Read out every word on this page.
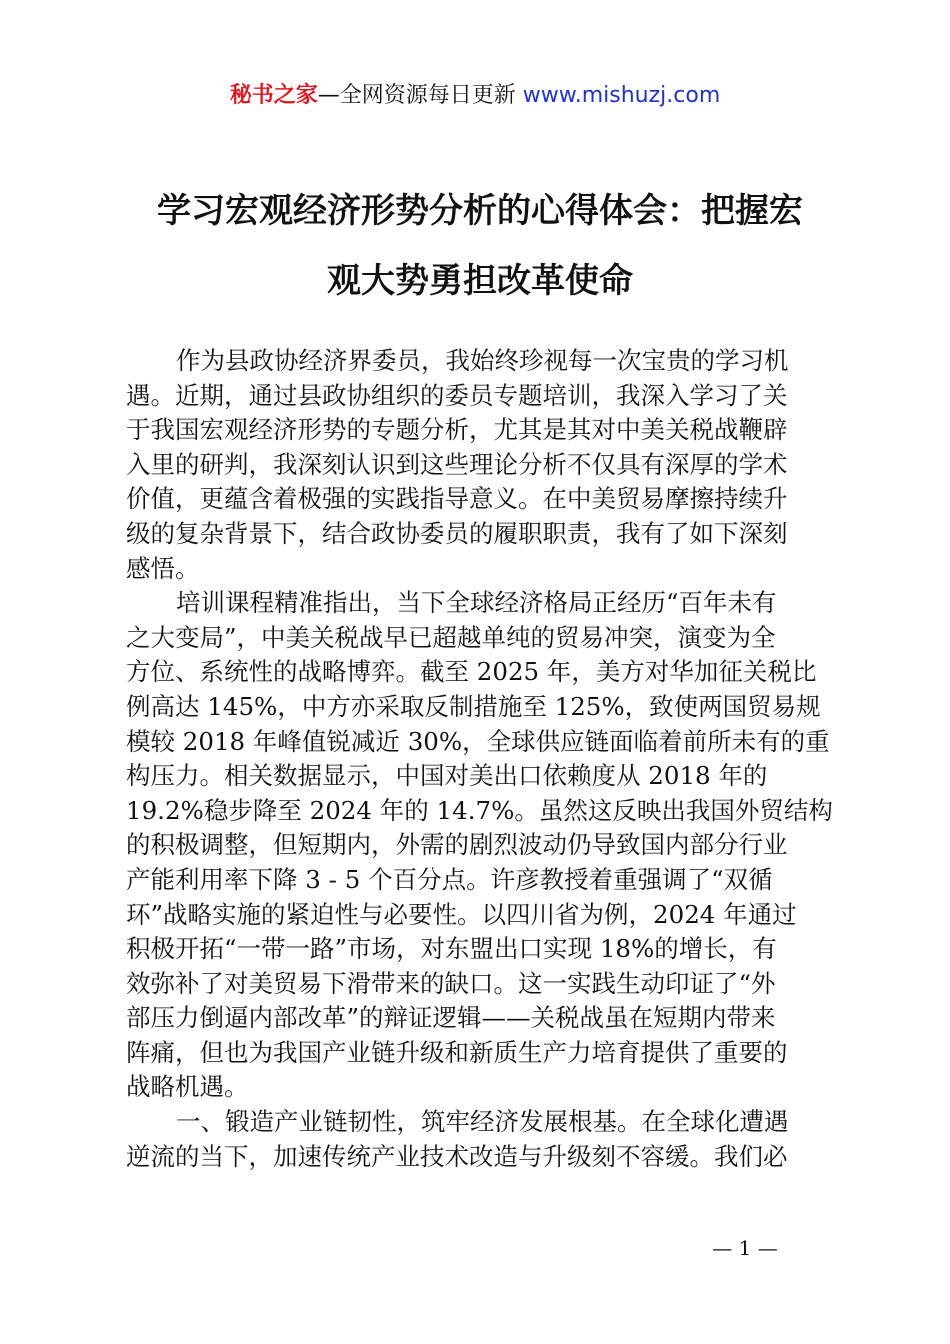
秘书之家—全网资源每日更新 www.mishuzj.com
学习宏观经济形势分析的心得体会：把握宏
观大势勇担改革使命
作为县政协经济界委员，我始终珍视每一次宝贵的学习机
遇。近期，通过县政协组织的委员专题培训，我深入学习了关
于我国宏观经济形势的专题分析，尤其是其对中美关税战鞭辟
入里的研判，我深刻认识到这些理论分析不仅具有深厚的学术
价值，更蕴含着极强的实践指导意义。在中美贸易摩擦持续升
级的复杂背景下，结合政协委员的履职职责，我有了如下深刻
感悟。
培训课程精准指出，当下全球经济格局正经历“百年未有
之大变局”，中美关税战早已超越单纯的贸易冲突，演变为全
方位、系统性的战略博弈。截至 2025 年，美方对华加征关税比
例高达 145%，中方亦采取反制措施至 125%，致使两国贸易规
模较 2018 年峰值锐减近 30%，全球供应链面临着前所未有的重
构压力。相关数据显示，中国对美出口依赖度从 2018 年的
19.2%稳步降至 2024 年的 14.7%。虽然这反映出我国外贸结构
的积极调整，但短期内，外需的剧烈波动仍导致国内部分行业
产能利用率下降 3 - 5 个百分点。许彦教授着重强调了“双循
环”战略实施的紧迫性与必要性。以四川省为例，2024 年通过
积极开拓“一带一路”市场，对东盟出口实现 18%的增长，有
效弥补了对美贸易下滑带来的缺口。这一实践生动印证了“外
部压力倒逼内部改革”的辩证逻辑——关税战虽在短期内带来
阵痛，但也为我国产业链升级和新质生产力培育提供了重要的
战略机遇。
一、锻造产业链韧性，筑牢经济发展根基。在全球化遭遇
逆流的当下，加速传统产业技术改造与升级刻不容缓。我们必
— 1 —
